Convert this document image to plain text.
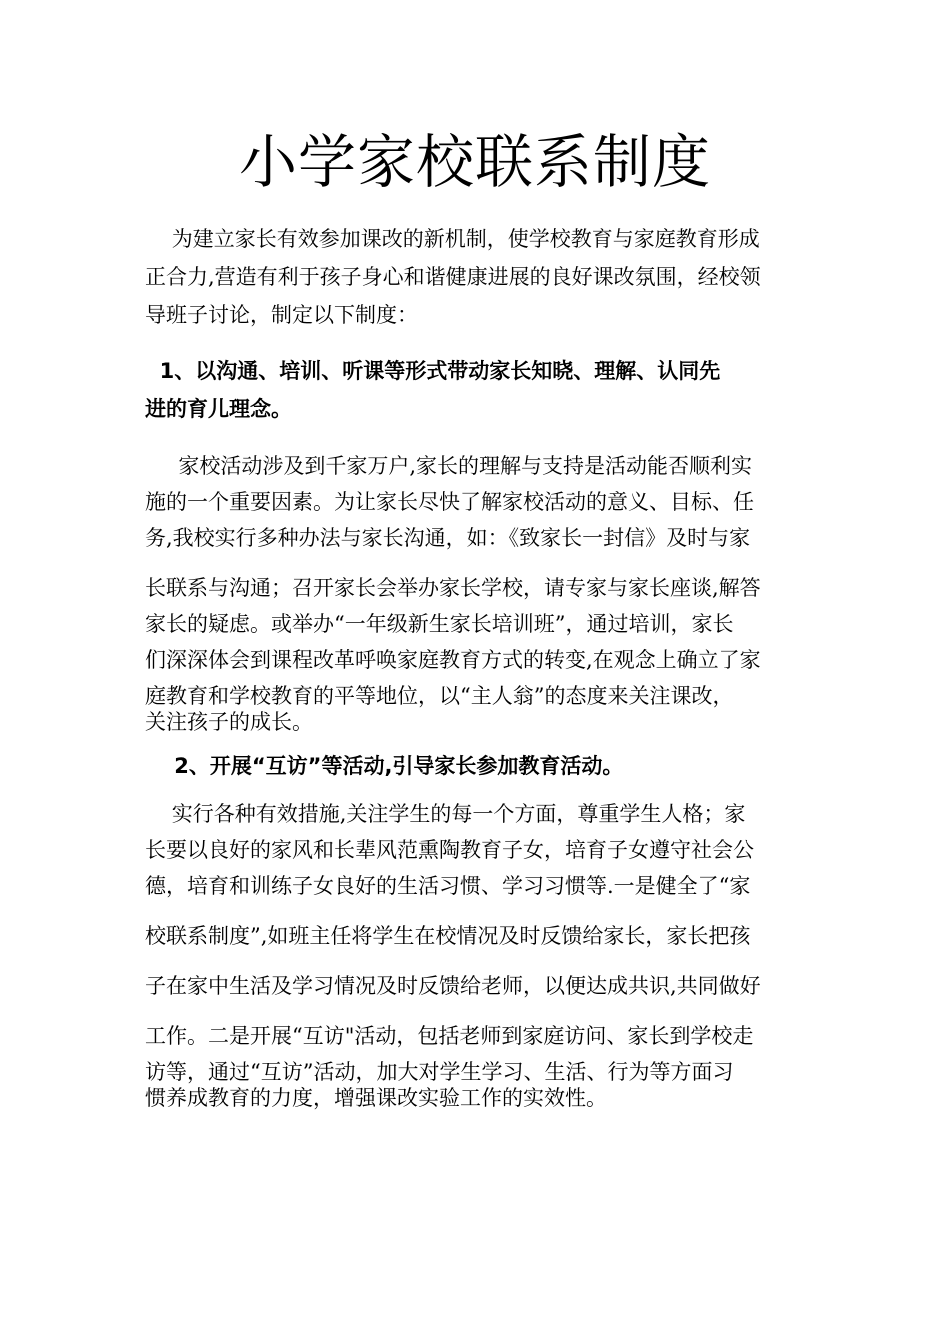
小学家校联系制度

为建立家长有效参加课改的新机制，使学校教育与家庭教育形成
正合力,营造有利于孩子身心和谐健康进展的良好课改氛围，经校领
导班子讨论，制定以下制度：

1、以沟通、培训、听课等形式带动家长知晓、理解、认同先
进的育儿理念。

家校活动涉及到千家万户,家长的理解与支持是活动能否顺利实
施的一个重要因素。为让家长尽快了解家校活动的意义、目标、任
务,我校实行多种办法与家长沟通，如：《致家长一封信》及时与家
长联系与沟通；召开家长会举办家长学校，请专家与家长座谈,解答
家长的疑虑。或举办“一年级新生家长培训班”，通过培训，家长
们深深体会到课程改革呼唤家庭教育方式的转变,在观念上确立了家
庭教育和学校教育的平等地位，以“主人翁”的态度来关注课改，
关注孩子的成长。

2、开展“互访”等活动,引导家长参加教育活动。

实行各种有效措施,关注学生的每一个方面，尊重学生人格；家
长要以良好的家风和长辈风范熏陶教育子女，培育子女遵守社会公
德，培育和训练子女良好的生活习惯、学习习惯等.一是健全了“家
校联系制度”,如班主任将学生在校情况及时反馈给家长，家长把孩
子在家中生活及学习情况及时反馈给老师，以便达成共识,共同做好
工作。二是开展“互访"活动，包括老师到家庭访问、家长到学校走
访等，通过“互访”活动，加大对学生学习、生活、行为等方面习
惯养成教育的力度，增强课改实验工作的实效性。
